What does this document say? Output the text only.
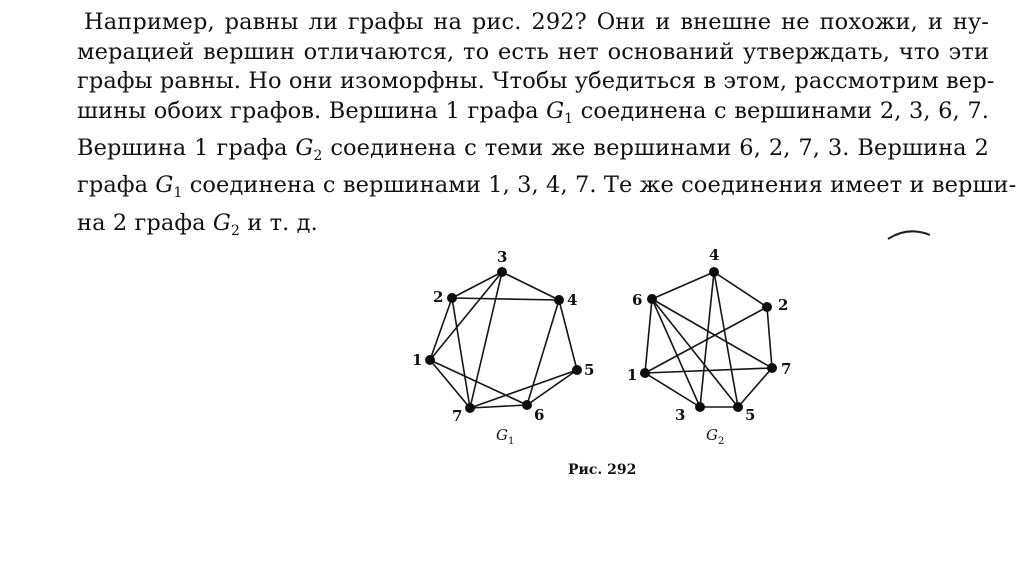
Например, равны ли графы на рис. 292? Они и внешне не похожи, и ну-
мерацией вершин отличаются, то есть нет оснований утверждать, что эти
графы равны. Но они изоморфны. Чтобы убедиться в этом, рассмотрим вер-
шины обоих графов. Вершина 1 графа $G_1$ соединена с вершинами 2, 3, 6, 7.
Вершина 1 графа $G_2$ соединена с теми же вершинами 6, 2, 7, 3. Вершина 2
графа $G_1$ соединена с вершинами 1, 3, 4, 7. Те же соединения имеет и верши-
на 2 графа $G_2$ и т. д.
1
2
3
4
5
6
7
1
2
3
4
5
6
7
$G_1$	$G_2$
Рис. 292
